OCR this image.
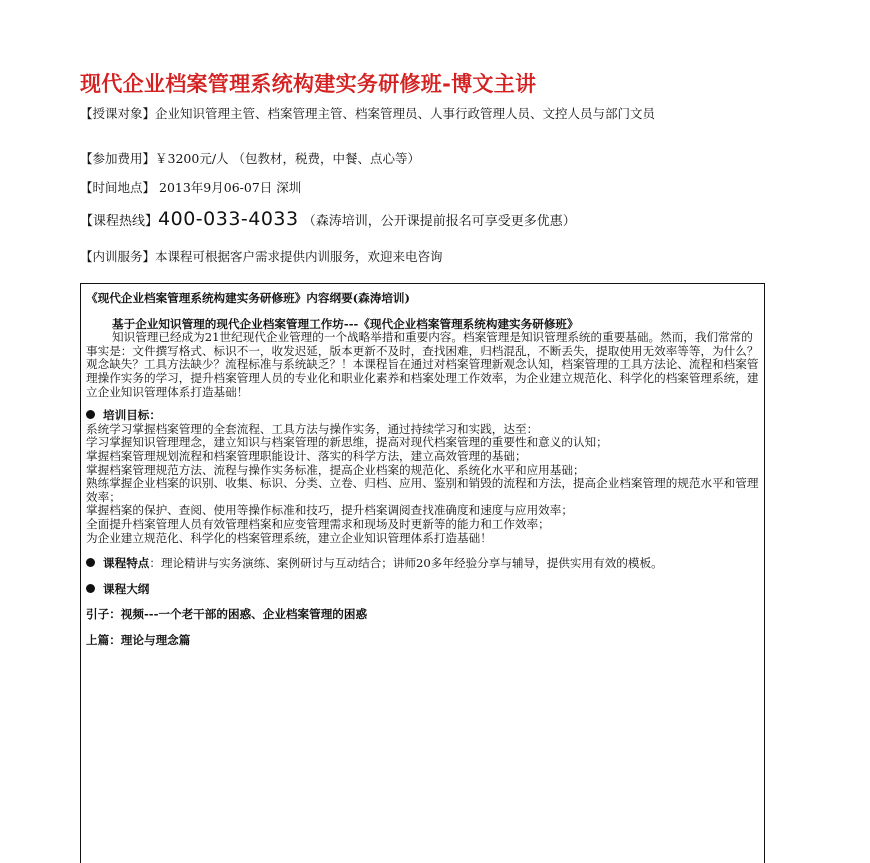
现代企业档案管理系统构建实务研修班-博文主讲
【授课对象】企业知识管理主管、档案管理主管、档案管理员、人事行政管理人员、文控人员与部门文员
【参加费用】￥3200元/人 （包教材，税费，中餐、点心等）
【时间地点】 2013年9月06-07日 深圳
【课程热线】400-033-4033 （森涛培训，公开课提前报名可享受更多优惠）
【内训服务】本课程可根据客户需求提供内训服务，欢迎来电咨询

《现代企业档案管理系统构建实务研修班》内容纲要(森涛培训)

基于企业知识管理的现代企业档案管理工作坊---《现代企业档案管理系统构建实务研修班》

知识管理已经成为21世纪现代企业管理的一个战略举措和重要内容。档案管理是知识管理系统的重要基础。然而，我们常常的事实是：文件撰写格式、标识不一，收发迟延，版本更新不及时，查找困难，归档混乱，不断丢失，提取使用无效率等等，为什么？观念缺失？工具方法缺少？流程标准与系统缺乏？！本课程旨在通过对档案管理新观念认知，档案管理的工具方法论、流程和档案管理操作实务的学习，提升档案管理人员的专业化和职业化素养和档案处理工作效率，为企业建立规范化、科学化的档案管理系统，建立企业知识管理体系打造基础！

培训目标：

系统学习掌握档案管理的全套流程、工具方法与操作实务，通过持续学习和实践，达至：

学习掌握知识管理理念，建立知识与档案管理的新思维，提高对现代档案管理的重要性和意义的认知；

掌握档案管理规划流程和档案管理职能设计、落实的科学方法，建立高效管理的基础；

掌握档案管理规范方法、流程与操作实务标准，提高企业档案的规范化、系统化水平和应用基础；

熟练掌握企业档案的识别、收集、标识、分类、立卷、归档、应用、鉴别和销毁的流程和方法，提高企业档案管理的规范水平和管理效率；

掌握档案的保护、查阅、使用等操作标准和技巧，提升档案调阅查找准确度和速度与应用效率；

全面提升档案管理人员有效管理档案和应变管理需求和现场及时更新等的能力和工作效率；

为企业建立规范化、科学化的档案管理系统，建立企业知识管理体系打造基础！

课程特点：理论精讲与实务演练、案例研讨与互动结合；讲师20多年经验分享与辅导，提供实用有效的模板。

课程大纲

引子：视频---一个老干部的困惑、企业档案管理的困惑

上篇：理论与理念篇
